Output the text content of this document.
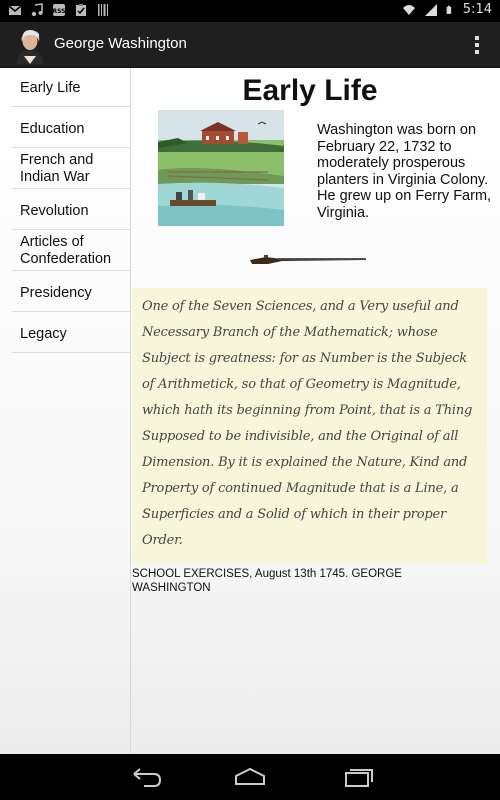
RSS	5:14
George Washington
Early Life
Education
French and Indian War
Revolution
Articles of Confederation
Presidency
Legacy
Early Life
Washington was born on February 22, 1732 to moderately prosperous planters in Virginia Colony. He grew up on Ferry Farm, Virginia.

One of the Seven Sciences, and a Very useful and Necessary Branch of the Mathematick; whose Subject is greatness: for as Number is the Subjeck of Arithmetick, so that of Geometry is Magnitude, which hath its beginning from Point, that is a Thing Supposed to be indivisible, and the Original of all Dimension. By it is explained the Nature, Kind and Property of continued Magnitude that is a Line, a Superficies and a Solid of which in their proper Order.

SCHOOL EXERCISES, August 13th 1745. GEORGE WASHINGTON
